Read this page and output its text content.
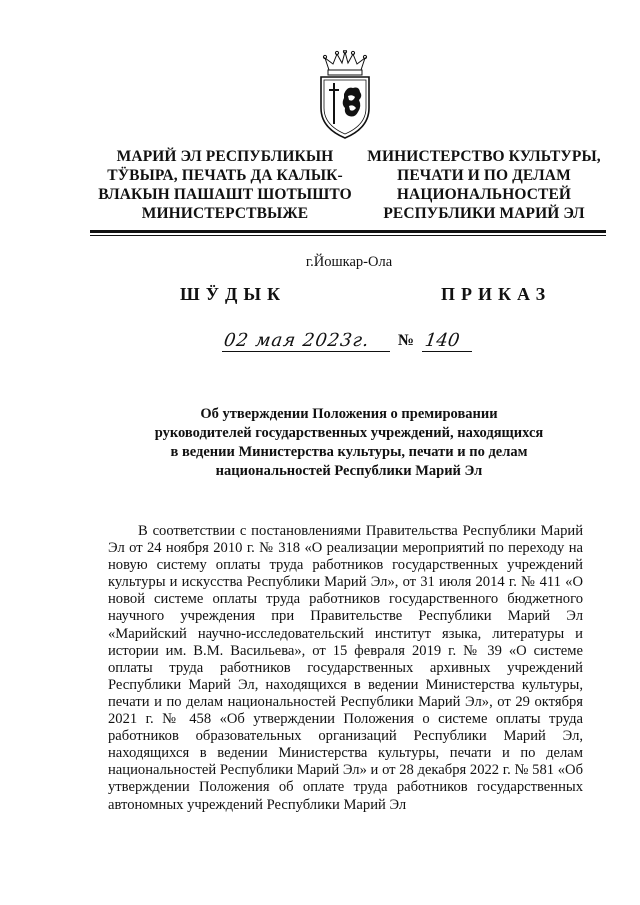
МАРИЙ ЭЛ РЕСПУБЛИКЫН
ТӰВЫРА, ПЕЧАТЬ ДА КАЛЫК-
ВЛАКЫН ПАШАШТ ШОТЫШТО
МИНИСТЕРСТВЫЖЕ
МИНИСТЕРСТВО КУЛЬТУРЫ,
ПЕЧАТИ И ПО ДЕЛАМ
НАЦИОНАЛЬНОСТЕЙ
РЕСПУБЛИКИ МАРИЙ ЭЛ
г.Йошкар-Ола
ШӰДЫК	ПРИКАЗ
02 мая 2023г. № 140
Об утверждении Положения о премировании
руководителей государственных учреждений, находящихся
в ведении Министерства культуры, печати и по делам
национальностей Республики Марий Эл
В соответствии с постановлениями Правительства Республики Марий Эл от 24 ноября 2010 г. № 318 «О реализации мероприятий по переходу на новую систему оплаты труда работников государственных учреждений культуры и искусства Республики Марий Эл», от 31 июля 2014 г. № 411 «О новой системе оплаты труда работников государственного бюджетного научного учреждения при Правительстве Республики Марий Эл «Марийский научно-исследовательский институт языка, литературы и истории им. В.М. Васильева», от 15 февраля 2019 г. № 39 «О системе оплаты труда работников государственных архивных учреждений Республики Марий Эл, находящихся в ведении Министерства культуры, печати и по делам национальностей Республики Марий Эл», от 29 октября 2021 г. № 458 «Об утверждении Положения о системе оплаты труда работников образовательных организаций Республики Марий Эл, находящихся в ведении Министерства культуры, печати и по делам национальностей Республики Марий Эл» и от 28 декабря 2022 г. № 581 «Об утверждении Положения об оплате труда работников государственных автономных учреждений Республики Марий Эл
